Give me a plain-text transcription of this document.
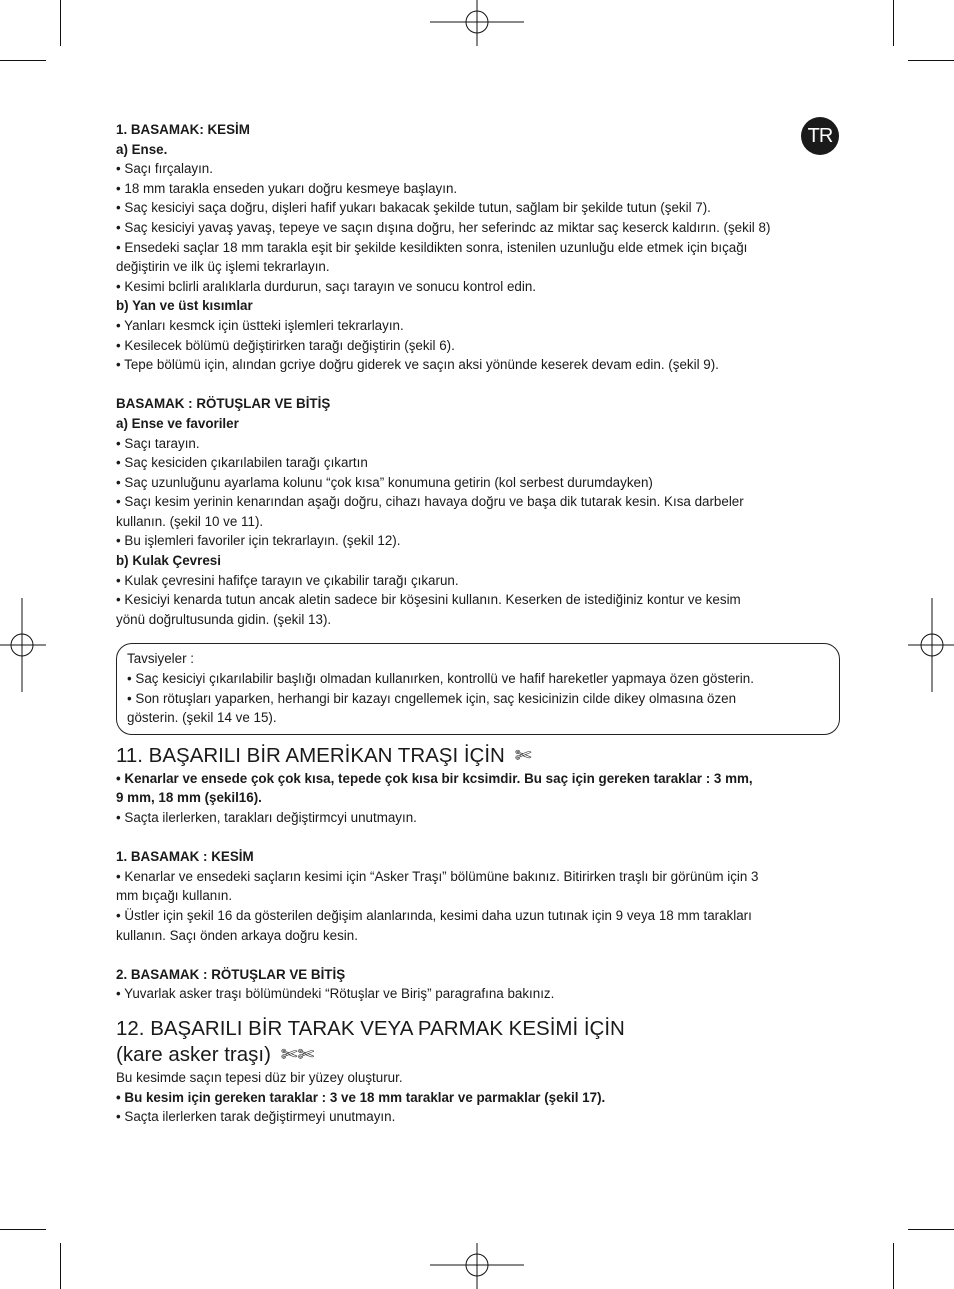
TR

1. BASAMAK: KESİM

a) Ense.

• Saçı fırçalayın.

• 18 mm tarakla enseden yukarı doğru kesmeye başlayın.

• Saç kesiciyi saça doğru, dişleri hafif yukarı bakacak şekilde tutun, sağlam bir şekilde tutun (şekil 7).

• Saç kesiciyi yavaş yavaş, tepeye ve saçın dışına doğru, her seferindc az miktar saç keserck kaldırın. (şekil 8)

• Ensedeki saçlar 18 mm tarakla eşit bir şekilde kesildikten sonra, istenilen uzunluğu elde etmek için bıçağı

değiştirin ve ilk üç işlemi tekrarlayın.

• Kesimi bclirli aralıklarla durdurun, saçı tarayın ve sonucu kontrol edin.

b) Yan ve üst kısımlar

• Yanları kesmck için üstteki işlemleri tekrarlayın.

• Kesilecek bölümü değiştirirken tarağı değiştirin (şekil 6).

• Tepe bölümü için, alından gcriye doğru giderek ve saçın aksi yönünde keserek devam edin. (şekil 9).

BASAMAK : RÖTUŞLAR VE BİTİŞ

a) Ense ve favoriler

• Saçı tarayın.

• Saç kesiciden çıkarılabilen tarağı çıkartın

• Saç uzunluğunu ayarlama kolunu “çok kısa” konumuna getirin (kol serbest durumdayken)

• Saçı kesim yerinin kenarından aşağı doğru, cihazı havaya doğru ve başa dik tutarak kesin. Kısa darbeler

kullanın. (şekil 10 ve 11).

• Bu işlemleri favoriler için tekrarlayın. (şekil 12).

b) Kulak Çevresi

• Kulak çevresini hafifçe tarayın ve çıkabilir tarağı çıkarun.

• Kesiciyi kenarda tutun ancak aletin sadece bir köşesini kullanın. Keserken de istediğiniz kontur ve kesim

yönü doğrultusunda gidin. (şekil 13).

Tavsiyeler :

• Saç kesiciyi çıkarılabilir başlığı olmadan kullanırken, kontrollü ve hafif hareketler yapmaya özen gösterin.

• Son rötuşları yaparken, herhangi bir kazayı cngellemek için, saç kesicinizin cilde dikey olmasına özen

gösterin. (şekil 14 ve 15).

11. BAŞARILI BİR AMERİKAN TRAŞI İÇİN ✄

• Kenarlar ve ensede çok çok kısa, tepede çok kısa bir kcsimdir. Bu saç için gereken taraklar : 3 mm,

9 mm, 18 mm (şekil16).

• Saçta ilerlerken, tarakları değiştirmcyi unutmayın.

1. BASAMAK : KESİM

• Kenarlar ve ensedeki saçların kesimi için “Asker Traşı” bölümüne bakınız. Bitirirken traşlı bir görünüm için 3

mm bıçağı kullanın.

• Üstler için şekil 16 da gösterilen değişim alanlarında, kesimi daha uzun tutınak için 9 veya 18 mm tarakları

kullanın. Saçı önden arkaya doğru kesin.

2. BASAMAK : RÖTUŞLAR VE BİTİŞ

• Yuvarlak asker traşı bölümündeki “Rötuşlar ve Biriş” paragrafına bakınız.

12. BAŞARILI BİR TARAK VEYA PARMAK KESİMİ İÇİN

(kare asker traşı) ✄✄

Bu kesimde saçın tepesi düz bir yüzey oluşturur.

• Bu kesim için gereken taraklar : 3 ve 18 mm taraklar ve parmaklar (şekil 17).

• Saçta ilerlerken tarak değiştirmeyi unutmayın.
